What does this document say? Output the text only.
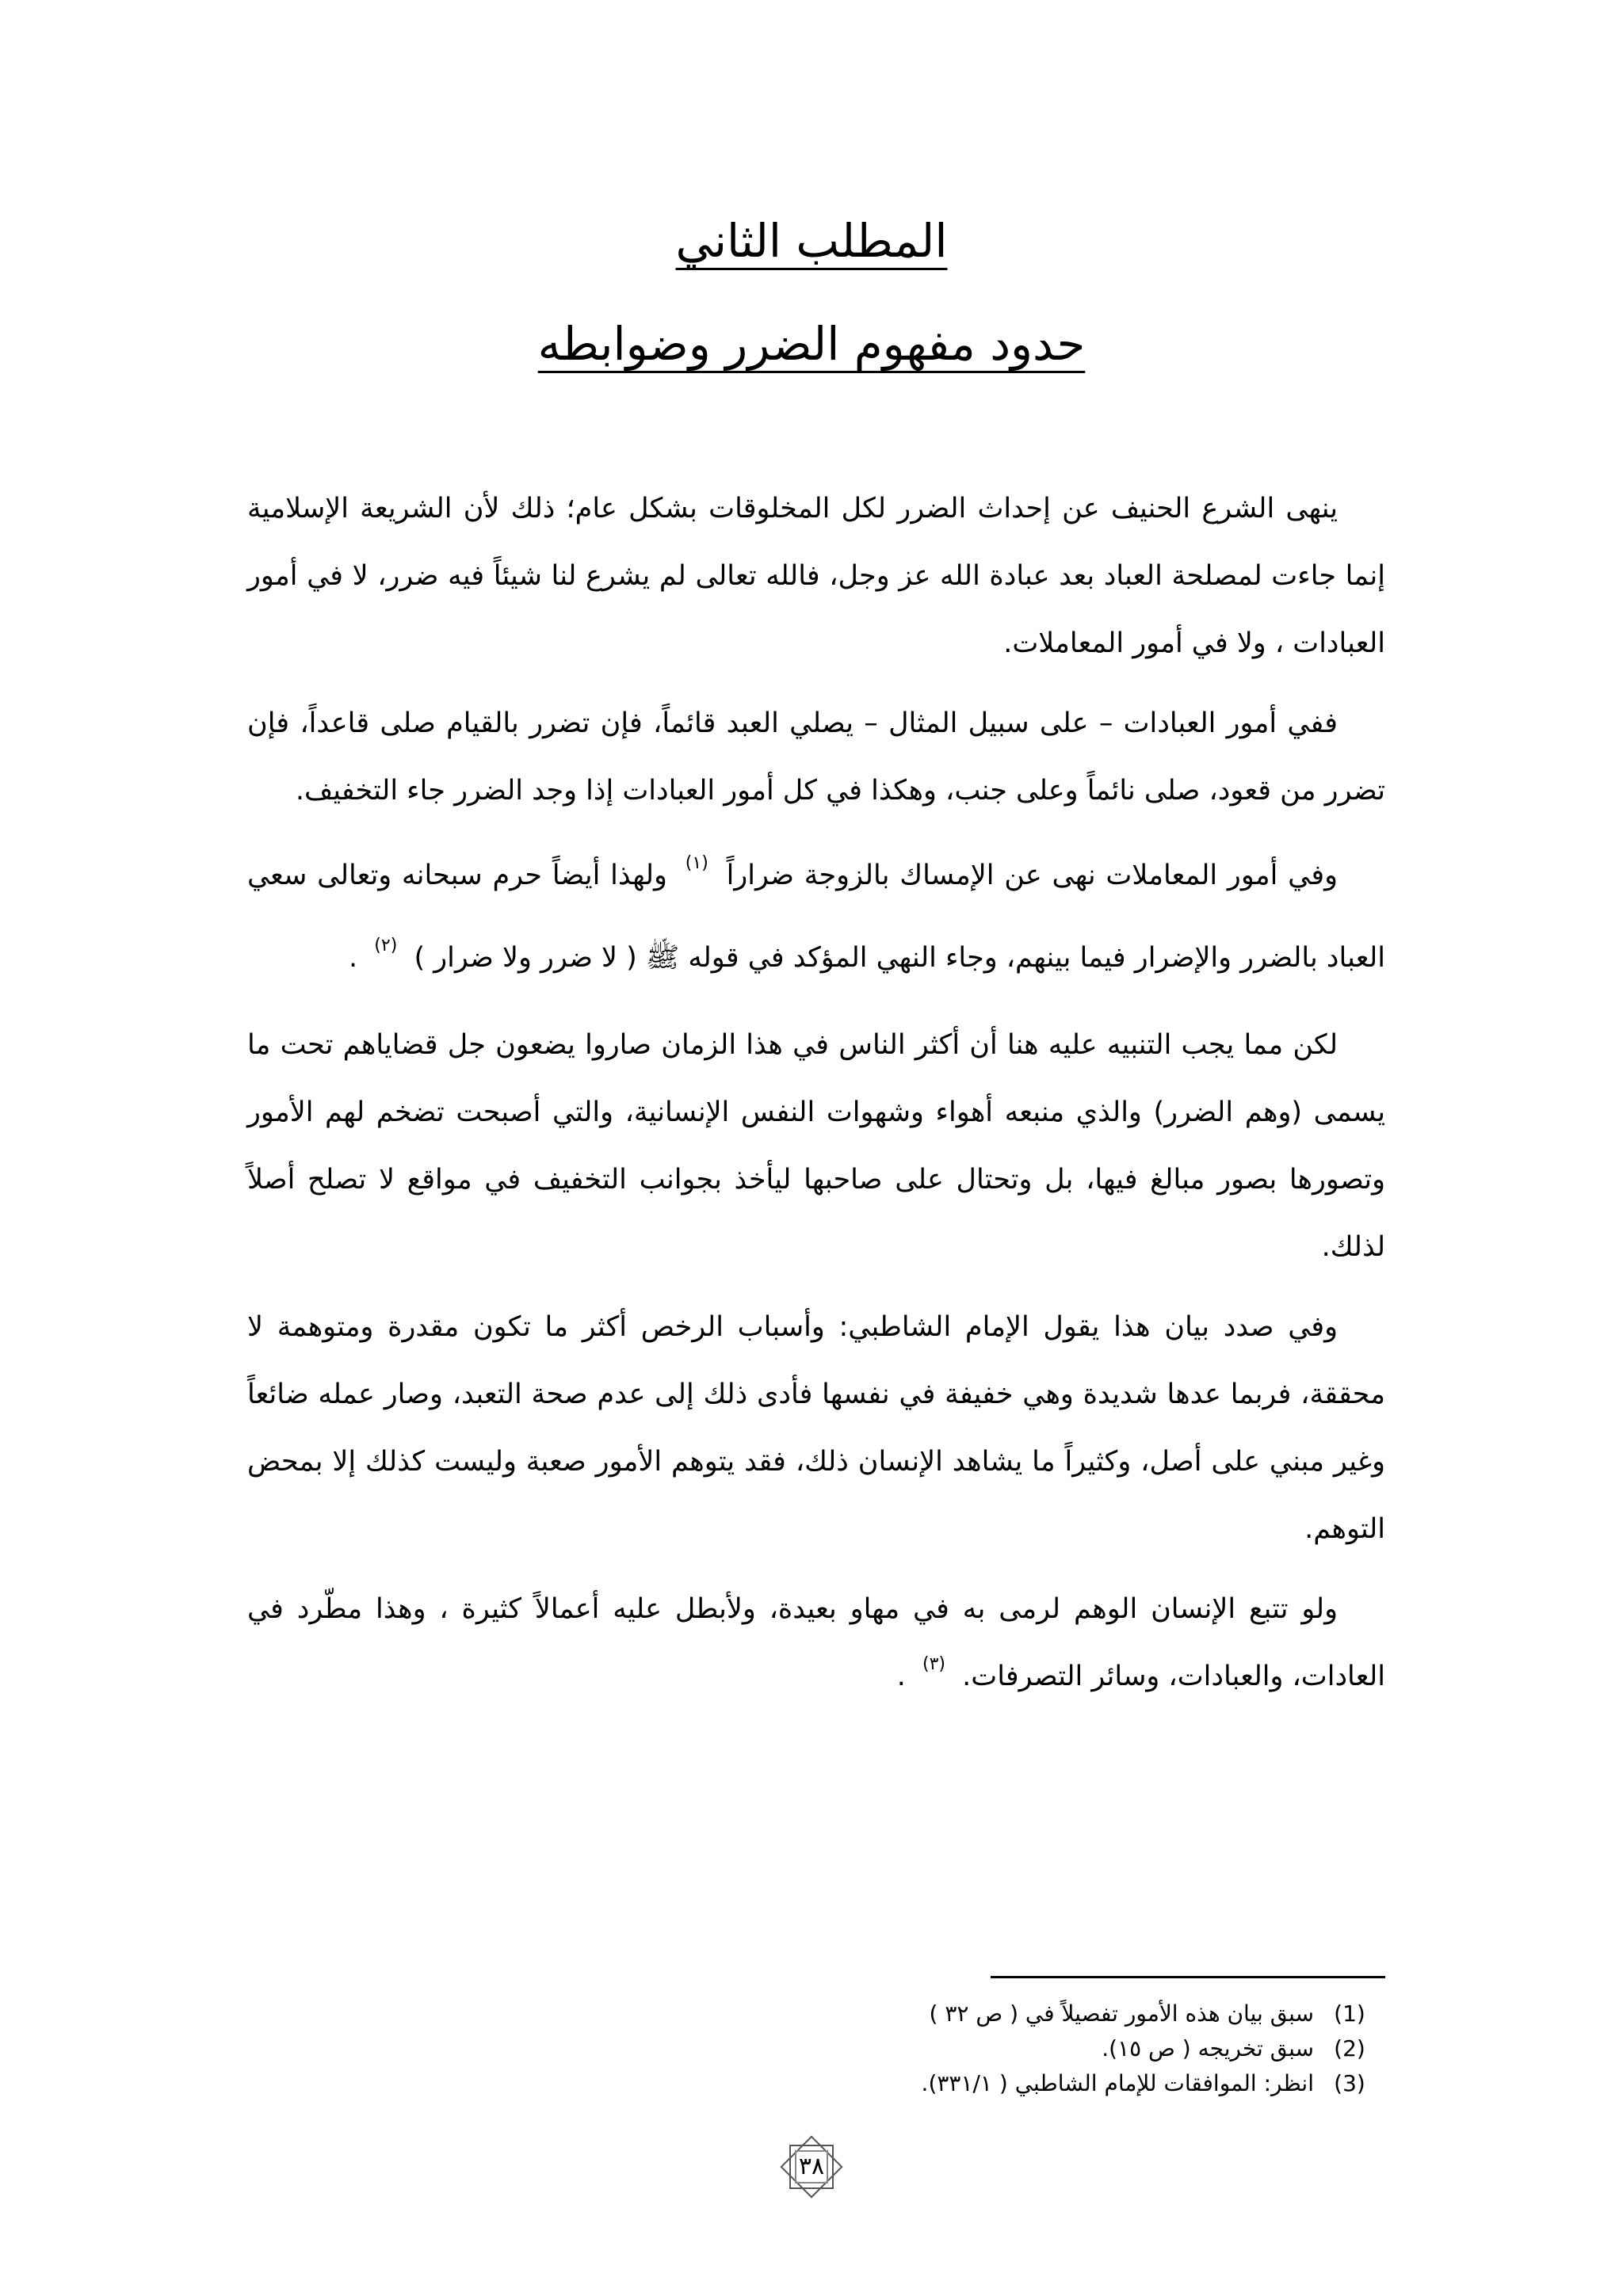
المطلب الثاني
حدود مفهوم الضرر وضوابطه

ينهى الشرع الحنيف عن إحداث الضرر لكل المخلوقات بشكل عام؛ ذلك لأن الشريعة الإسلامية إنما جاءت لمصلحة العباد بعد عبادة الله عز وجل، فالله تعالى لم يشرع لنا شيئاً فيه ضرر، لا في أمور العبادات ، ولا في أمور المعاملات.

ففي أمور العبادات – على سبيل المثال – يصلي العبد قائماً، فإن تضرر بالقيام صلى قاعداً، فإن تضرر من قعود، صلى نائماً وعلى جنب، وهكذا في كل أمور العبادات إذا وجد الضرر جاء التخفيف.

وفي أمور المعاملات نهى عن الإمساك بالزوجة ضراراً $^{(١)}$ ولهذا أيضاً حرم سبحانه وتعالى سعي العباد بالضرر والإضرار فيما بينهم، وجاء النهي المؤكد في قوله ﷺ ( لا ضرر ولا ضرار ) $^{(٢)}$ .

لكن مما يجب التنبيه عليه هنا أن أكثر الناس في هذا الزمان صاروا يضعون جل قضاياهم تحت ما يسمى (وهم الضرر) والذي منبعه أهواء وشهوات النفس الإنسانية، والتي أصبحت تضخم لهم الأمور وتصورها بصور مبالغ فيها، بل وتحتال على صاحبها ليأخذ بجوانب التخفيف في مواقع لا تصلح أصلاً لذلك.

وفي صدد بيان هذا يقول الإمام الشاطبي: وأسباب الرخص أكثر ما تكون مقدرة ومتوهمة لا محققة، فربما عدها شديدة وهي خفيفة في نفسها فأدى ذلك إلى عدم صحة التعبد، وصار عمله ضائعاً وغير مبني على أصل، وكثيراً ما يشاهد الإنسان ذلك، فقد يتوهم الأمور صعبة وليست كذلك إلا بمحض التوهم.

ولو تتبع الإنسان الوهم لرمى به في مهاو بعيدة، ولأبطل عليه أعمالاً كثيرة ، وهذا مطّرد في العادات، والعبادات، وسائر التصرفات. $^{(٣)}$ .

(1)
سبق بيان هذه الأمور تفصيلاً في ( ص ٣٢ )
(2)
سبق تخريجه ( ص ١٥).
(3)
انظر: الموافقات للإمام الشاطبي ( ٣٣١/١).
٣٨
